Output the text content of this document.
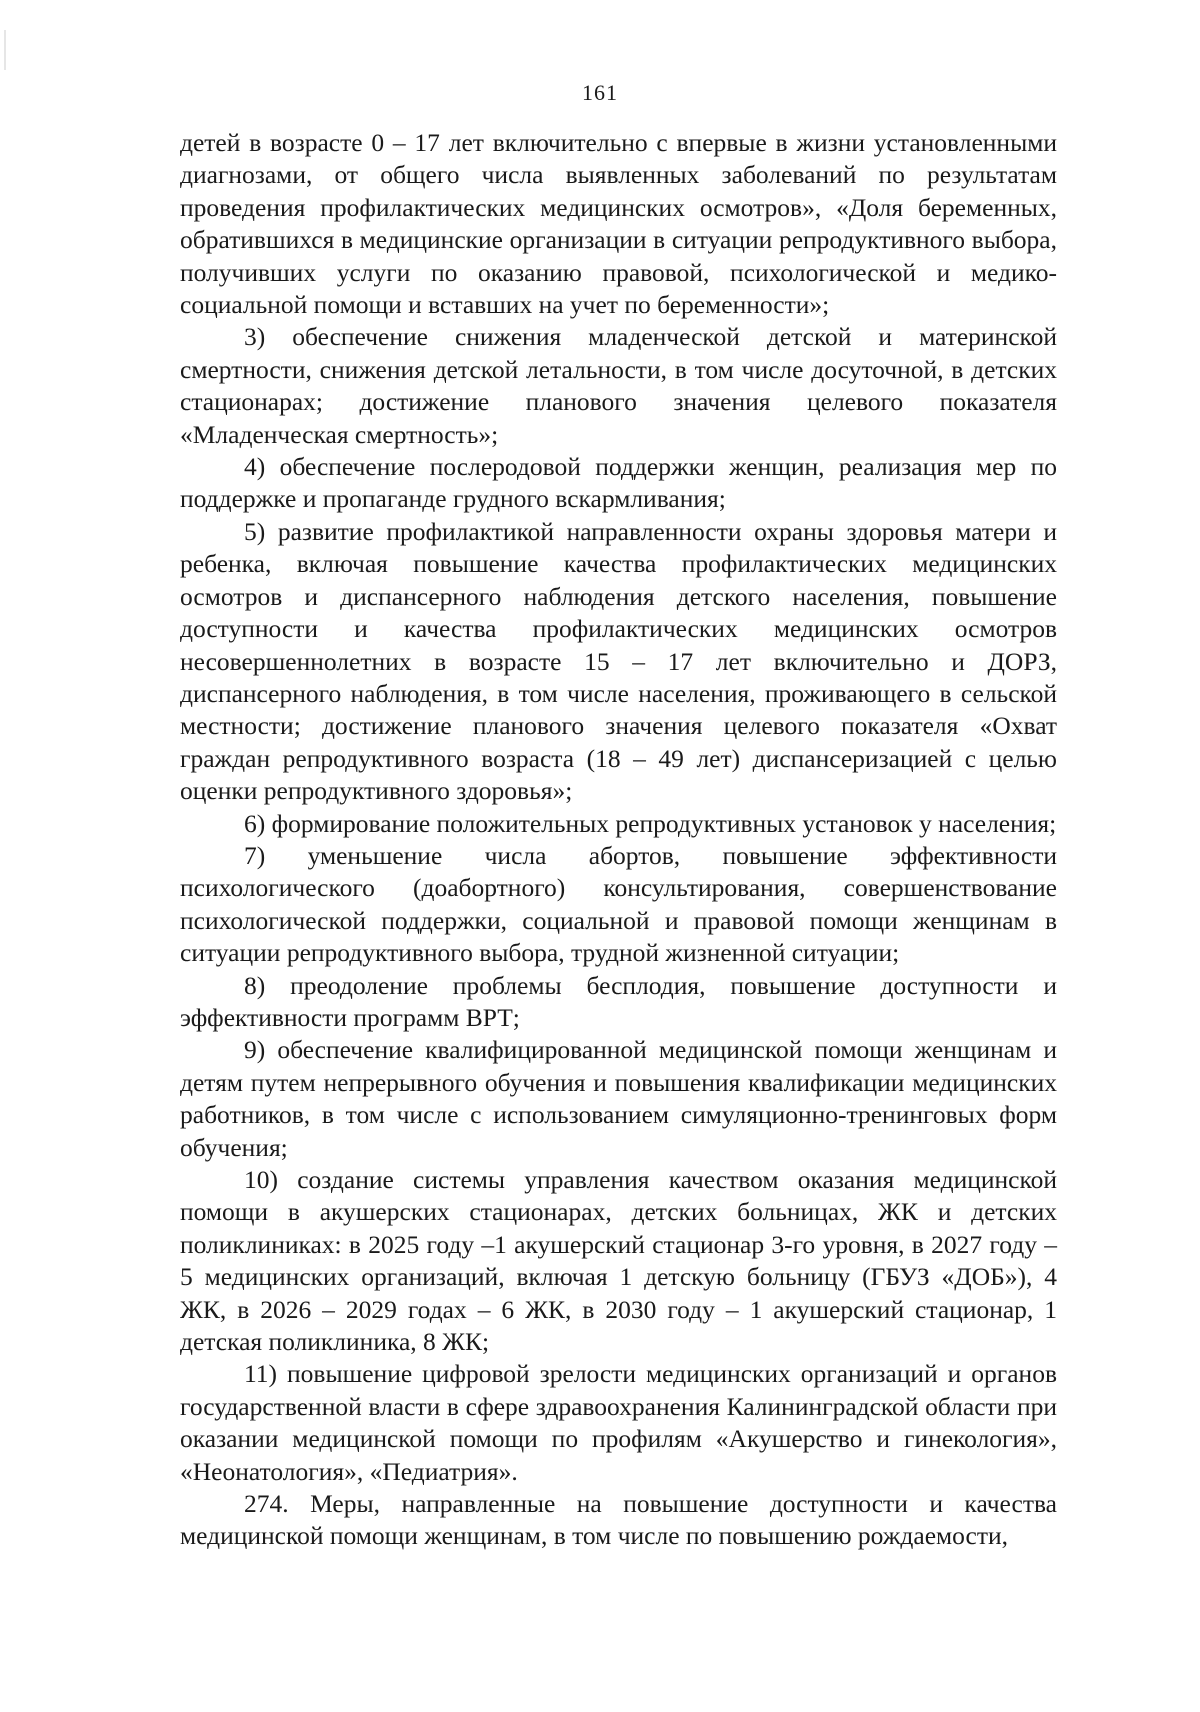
161

детей в возрасте 0 – 17 лет включительно с впервые в жизни установленными диагнозами, от общего числа выявленных заболеваний по результатам проведения профилактических медицинских осмотров», «Доля беременных, обратившихся в медицинские организации в ситуации репродуктивного выбора, получивших услуги по оказанию правовой, психологической и медико-социальной помощи и вставших на учет по беременности»;

3) обеспечение снижения младенческой детской и материнской смертности, снижения детской летальности, в том числе досуточной, в детских стационарах; достижение планового значения целевого показателя «Младенческая смертность»;

4) обеспечение послеродовой поддержки женщин, реализация мер по поддержке и пропаганде грудного вскармливания;

5) развитие профилактикой направленности охраны здоровья матери и ребенка, включая повышение качества профилактических медицинских осмотров и диспансерного наблюдения детского населения, повышение доступности и качества профилактических медицинских осмотров несовершеннолетних в возрасте 15 – 17 лет включительно и ДОРЗ, диспансерного наблюдения, в том числе населения, проживающего в сельской местности; достижение планового значения целевого показателя «Охват граждан репродуктивного возраста (18 – 49 лет) диспансеризацией с целью оценки репродуктивного здоровья»;

6) формирование положительных репродуктивных установок у населения;

7) уменьшение числа абортов, повышение эффективности психологического (доабортного) консультирования, совершенствование психологической поддержки, социальной и правовой помощи женщинам в ситуации репродуктивного выбора, трудной жизненной ситуации;

8) преодоление проблемы бесплодия, повышение доступности и эффективности программ ВРТ;

9) обеспечение квалифицированной медицинской помощи женщинам и детям путем непрерывного обучения и повышения квалификации медицинских работников, в том числе с использованием симуляционно-тренинговых форм обучения;

10) создание системы управления качеством оказания медицинской помощи в акушерских стационарах, детских больницах, ЖК и детских поликлиниках: в 2025 году –1 акушерский стационар 3-го уровня, в 2027 году – 5 медицинских организаций, включая 1 детскую больницу (ГБУЗ «ДОБ»), 4 ЖК, в 2026 – 2029 годах – 6 ЖК, в 2030 году – 1 акушерский стационар, 1 детская поликлиника, 8 ЖК;

11) повышение цифровой зрелости медицинских организаций и органов государственной власти в сфере здравоохранения Калининградской области при оказании медицинской помощи по профилям «Акушерство и гинекология», «Неонатология», «Педиатрия».

274. Меры, направленные на повышение доступности и качества медицинской помощи женщинам, в том числе по повышению рождаемости,
